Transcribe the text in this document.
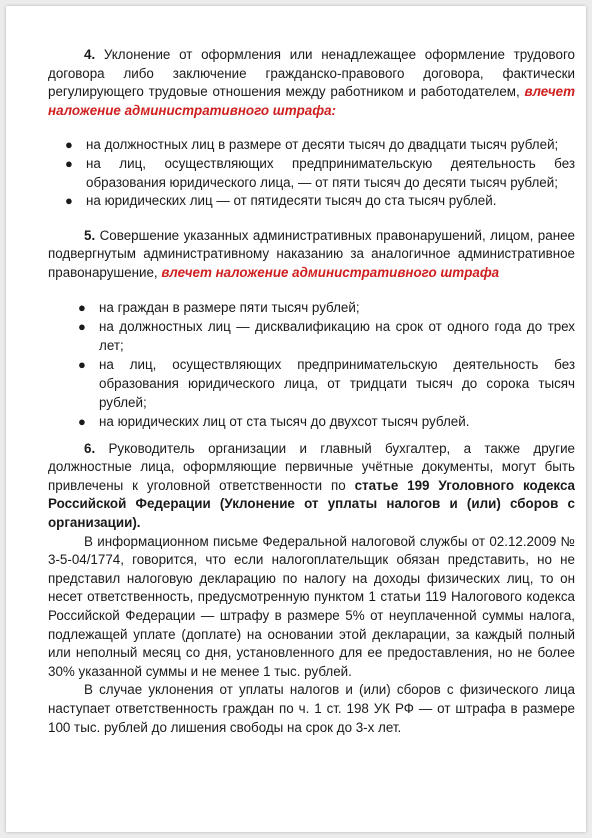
4. Уклонение от оформления или ненадлежащее оформление трудового договора либо заключение гражданско-правового договора, фактически регулирующего трудовые отношения между работником и работодателем, влечет наложение административного штрафа:

● на должностных лиц в размере от десяти тысяч до двадцати тысяч рублей;
● на лиц, осуществляющих предпринимательскую деятельность без образования юридического лица, — от пяти тысяч до десяти тысяч рублей;
● на юридических лиц — от пятидесяти тысяч до ста тысяч рублей.

5. Совершение указанных административных правонарушений, лицом, ранее подвергнутым административному наказанию за аналогичное административное правонарушение, влечет наложение административного штрафа

● на граждан в размере пяти тысяч рублей;
● на должностных лиц — дисквалификацию на срок от одного года до трех лет;
● на лиц, осуществляющих предпринимательскую деятельность без образования юридического лица, от тридцати тысяч до сорока тысяч рублей;
● на юридических лиц от ста тысяч до двухсот тысяч рублей.

6. Руководитель организации и главный бухгалтер, а также другие должностные лица, оформляющие первичные учётные документы, могут быть привлечены к уголовной ответственности по статье 199 Уголовного кодекса Российской Федерации (Уклонение от уплаты налогов и (или) сборов с организации).

В информационном письме Федеральной налоговой службы от 02.12.2009 № 3-5-04/1774, говорится, что если налогоплательщик обязан представить, но не представил налоговую декларацию по налогу на доходы физических лиц, то он несет ответственность, предусмотренную пунктом 1 статьи 119 Налогового кодекса Российской Федерации — штрафу в размере 5% от неуплаченной суммы налога, подлежащей уплате (доплате) на основании этой декларации, за каждый полный или неполный месяц со дня, установленного для ее предоставления, но не более 30% указанной суммы и не менее 1 тыс. рублей.

В случае уклонения от уплаты налогов и (или) сборов с физического лица наступает ответственность граждан по ч. 1 ст. 198 УК РФ — от штрафа в размере 100 тыс. рублей до лишения свободы на срок до 3-х лет.
